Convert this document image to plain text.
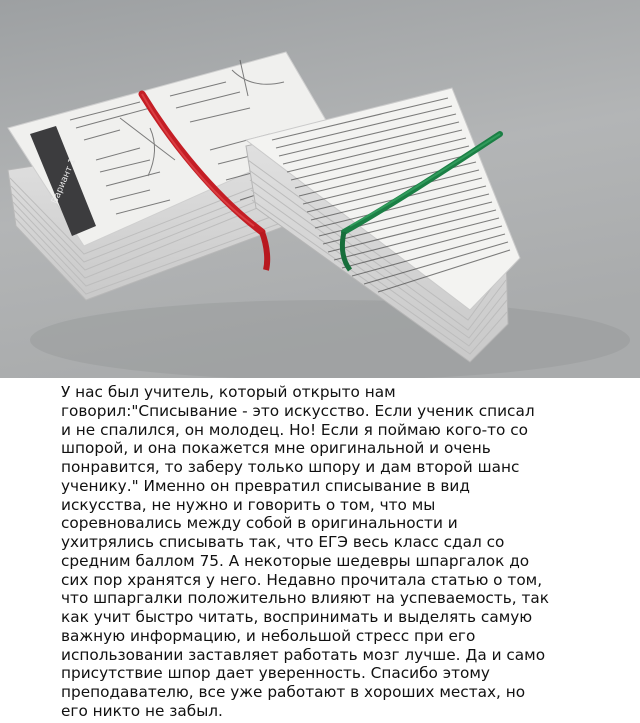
Вариант 1

У нас был учитель, который открыто нам
говорил:"Списывание - это искусство. Если ученик списал
и не спалился, он молодец. Но! Если я поймаю кого-то со
шпорой, и она покажется мне оригинальной и очень
понравится, то заберу только шпору и дам второй шанс
ученику." Именно он превратил списывание в вид
искусства, не нужно и говорить о том, что мы
соревновались между собой в оригинальности и
ухитрялись списывать так, что ЕГЭ весь класс сдал со
средним баллом 75. А некоторые шедевры шпаргалок до
сих пор хранятся у него. Недавно прочитала статью о том,
что шпаргалки положительно влияют на успеваемость, так
как учит быстро читать, воспринимать и выделять самую
важную информацию, и небольшой стресс при его
использовании заставляет работать мозг лучше. Да и само
присутствие шпор дает уверенность. Спасибо этому
преподавателю, все уже работают в хороших местах, но
его никто не забыл.
